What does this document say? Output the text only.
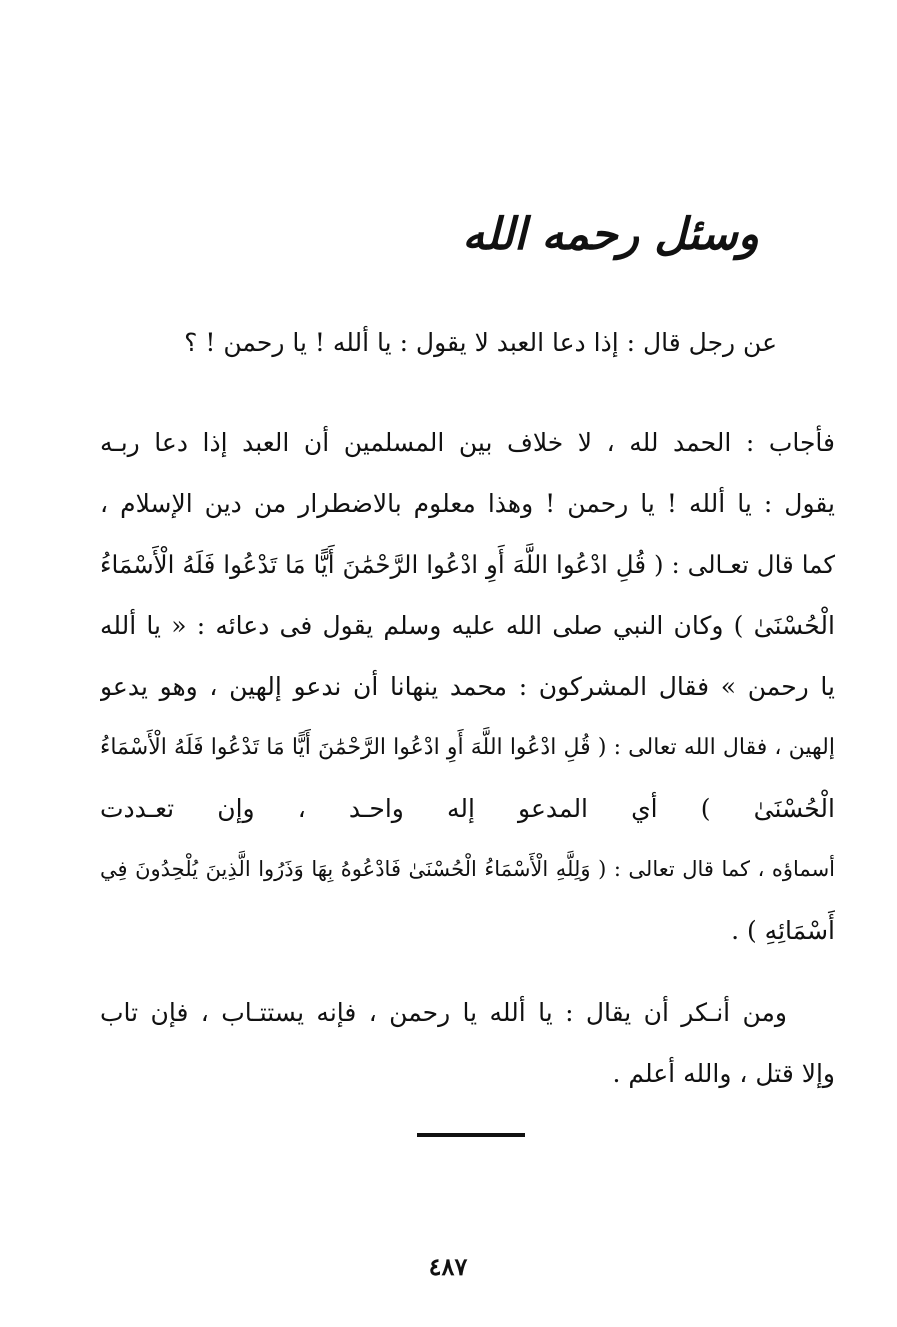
وسئل رحمه الله
عن رجل قال : إذا دعا العبد لا يقول : يا ألله ! يا رحمن ! ؟
فأجاب : الحمد لله ، لا خلاف بين المسلمين أن العبد إذا دعا ربـه
يقول : يا ألله ! يا رحمن ! وهذا معلوم بالاضطرار من دين الإسلام ،
كما قال تعـالى : ( قُلِ ادْعُوا اللَّهَ أَوِ ادْعُوا الرَّحْمَٰنَ أَيًّا مَا تَدْعُوا فَلَهُ الْأَسْمَاءُ
الْحُسْنَىٰ ) وكان النبي صلى الله عليه وسلم يقول فى دعائه : « يا ألله
يا رحمن » فقال المشركون : محمد ينهانا أن ندعو إلهين ، وهو يدعو
إلهين ، فقال الله تعالى : ( قُلِ ادْعُوا اللَّهَ أَوِ ادْعُوا الرَّحْمَٰنَ أَيًّا مَا تَدْعُوا فَلَهُ الْأَسْمَاءُ
الْحُسْنَىٰ ) أي المدعو إله واحـد ، وإن تعـددت
أسماؤه ، كما قال تعالى : ( وَلِلَّهِ الْأَسْمَاءُ الْحُسْنَىٰ فَادْعُوهُ بِهَا وَذَرُوا الَّذِينَ يُلْحِدُونَ فِي
أَسْمَائِهِ ) .
ومن أنـكر أن يقال : يا ألله يا رحمن ، فإنه يستتـاب ، فإن تاب
وإلا قتل ، والله أعلم .
٤٨٧
